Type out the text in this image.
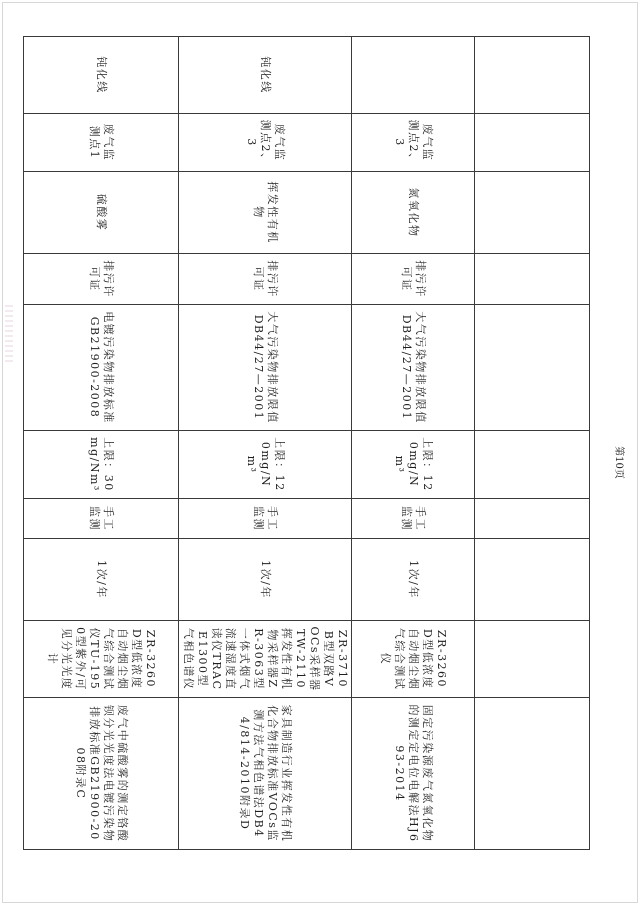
	废气监测点2、3	氮氧化物	排污许可证	大气污染物排放限值DB44/27—2001	上限：120mg/Nm³	手工监测	1次/年	ZR-3260D型低浓度自动烟尘烟气综合测试仪	固定污染源废气氮氧化物的测定定电位电解法HJ693-2014
钝化线	废气监测点2、3	挥发性有机物	排污许可证	大气污染物排放限值DB44/27—2001	上限：120mg/Nm³	手工监测	1次/年	ZR-3710B型双路VOCs采样器TW-2110挥发性有机物采样器ZR-3063型一体式烟气流速湿度直读仪TRACE1300型气相色谱仪	家具制造行业挥发性有机化合物排放标准VOCs监测方法气相色谱法DB44/814-2010附录D
钝化线	废气监测点1	硫酸雾	排污许可证	电镀污染物排放标准GB21900-2008	上限：30mg/Nm³	手工监测	1次/年	ZR-3260D型低浓度自动烟尘烟气综合测试仪TU-1950型紫外/可见分光光度计	废气中硫酸雾的测定铬酸钡分光光度法电镀污染物排放标准GB21900-2008附录C
第10页
